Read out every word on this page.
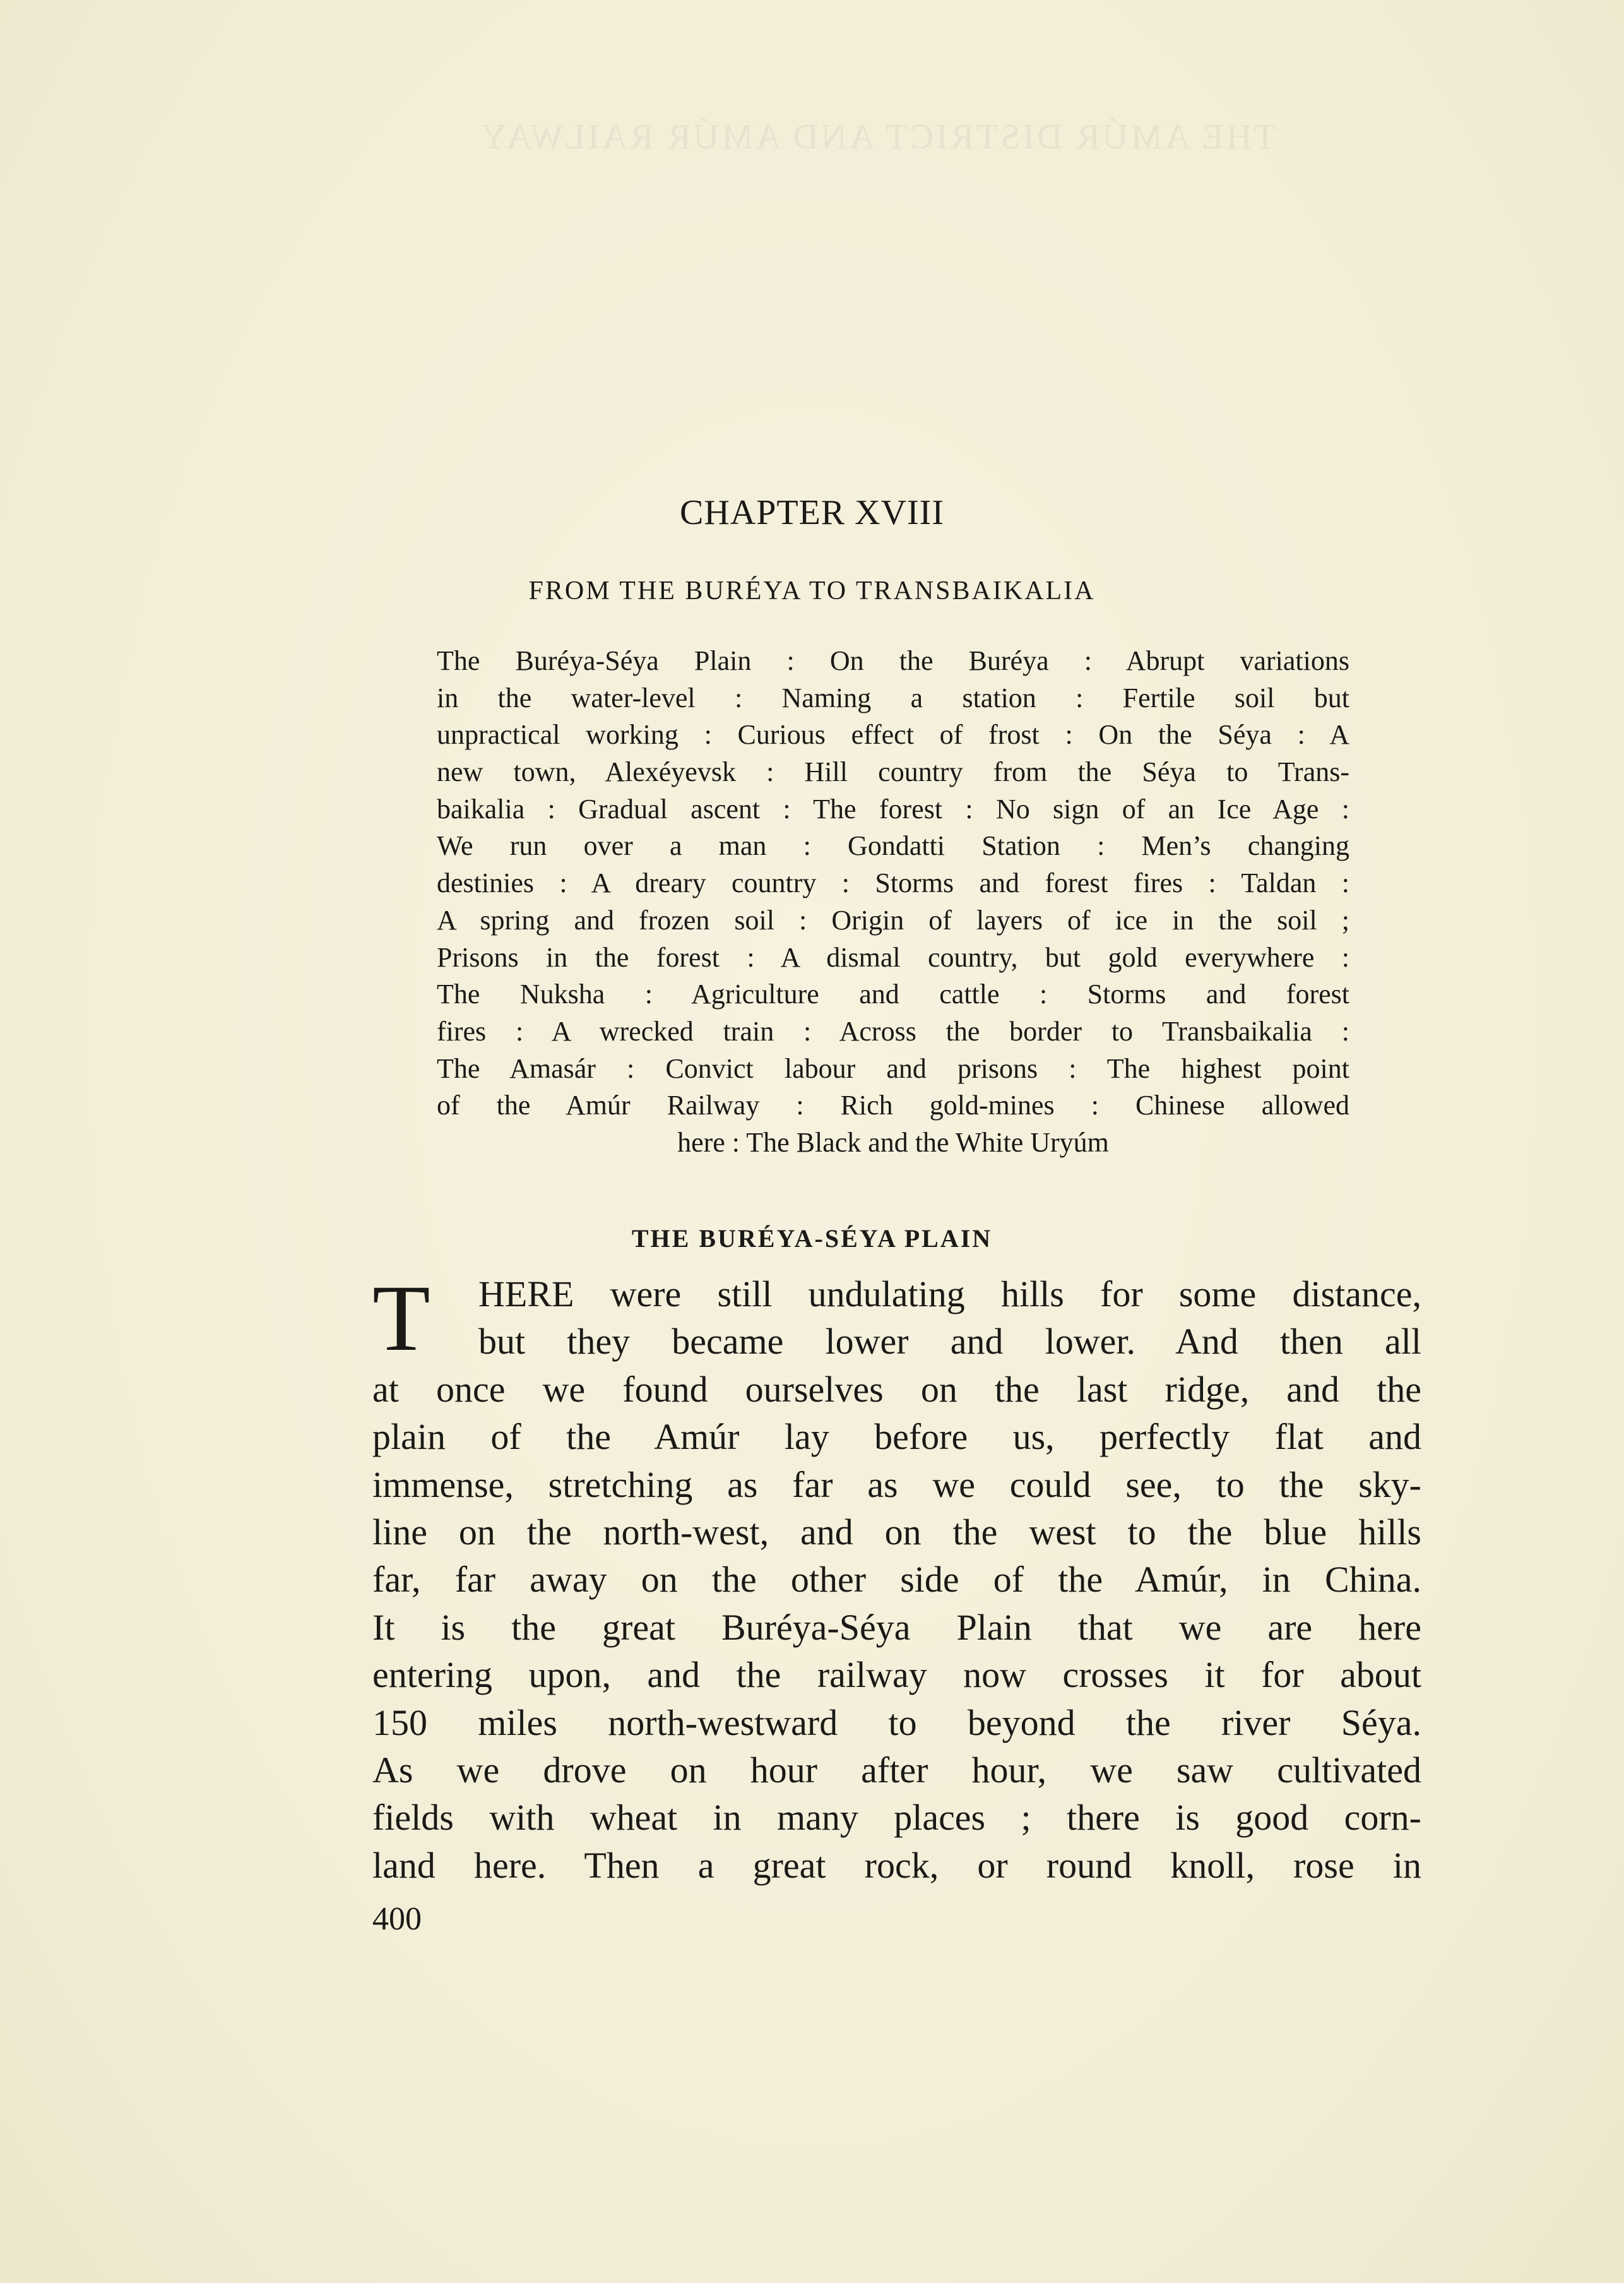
THE AMÚR DISTRICT AND AMÚR RAILWAY
CHAPTER XVIII
FROM THE BURÉYA TO TRANSBAIKALIA
The Buréya-Séya Plain : On the Buréya : Abrupt variations
in the water-level : Naming a station : Fertile soil but
unpractical working : Curious effect of frost : On the Séya : A
new town, Alexéyevsk : Hill country from the Séya to Trans-
baikalia : Gradual ascent : The forest : No sign of an Ice Age :
We run over a man : Gondatti Station : Men’s changing
destinies : A dreary country : Storms and forest fires : Taldan :
A spring and frozen soil : Origin of layers of ice in the soil ;
Prisons in the forest : A dismal country, but gold everywhere :
The Nuksha : Agriculture and cattle : Storms and forest
fires : A wrecked train : Across the border to Transbaikalia :
The Amasár : Convict labour and prisons : The highest point
of the Amúr Railway : Rich gold-mines : Chinese allowed
here : The Black and the White Uryúm
THE BURÉYA-SÉYA PLAIN
T HERE were still undulating hills for some distance,
but they became lower and lower. And then all
at once we found ourselves on the last ridge, and the
plain of the Amúr lay before us, perfectly flat and
immense, stretching as far as we could see, to the sky-
line on the north-west, and on the west to the blue hills
far, far away on the other side of the Amúr, in China.
It is the great Buréya-Séya Plain that we are here
entering upon, and the railway now crosses it for about
150 miles north-westward to beyond the river Séya.
As we drove on hour after hour, we saw cultivated
fields with wheat in many places ; there is good corn-
land here. Then a great rock, or round knoll, rose in
400
